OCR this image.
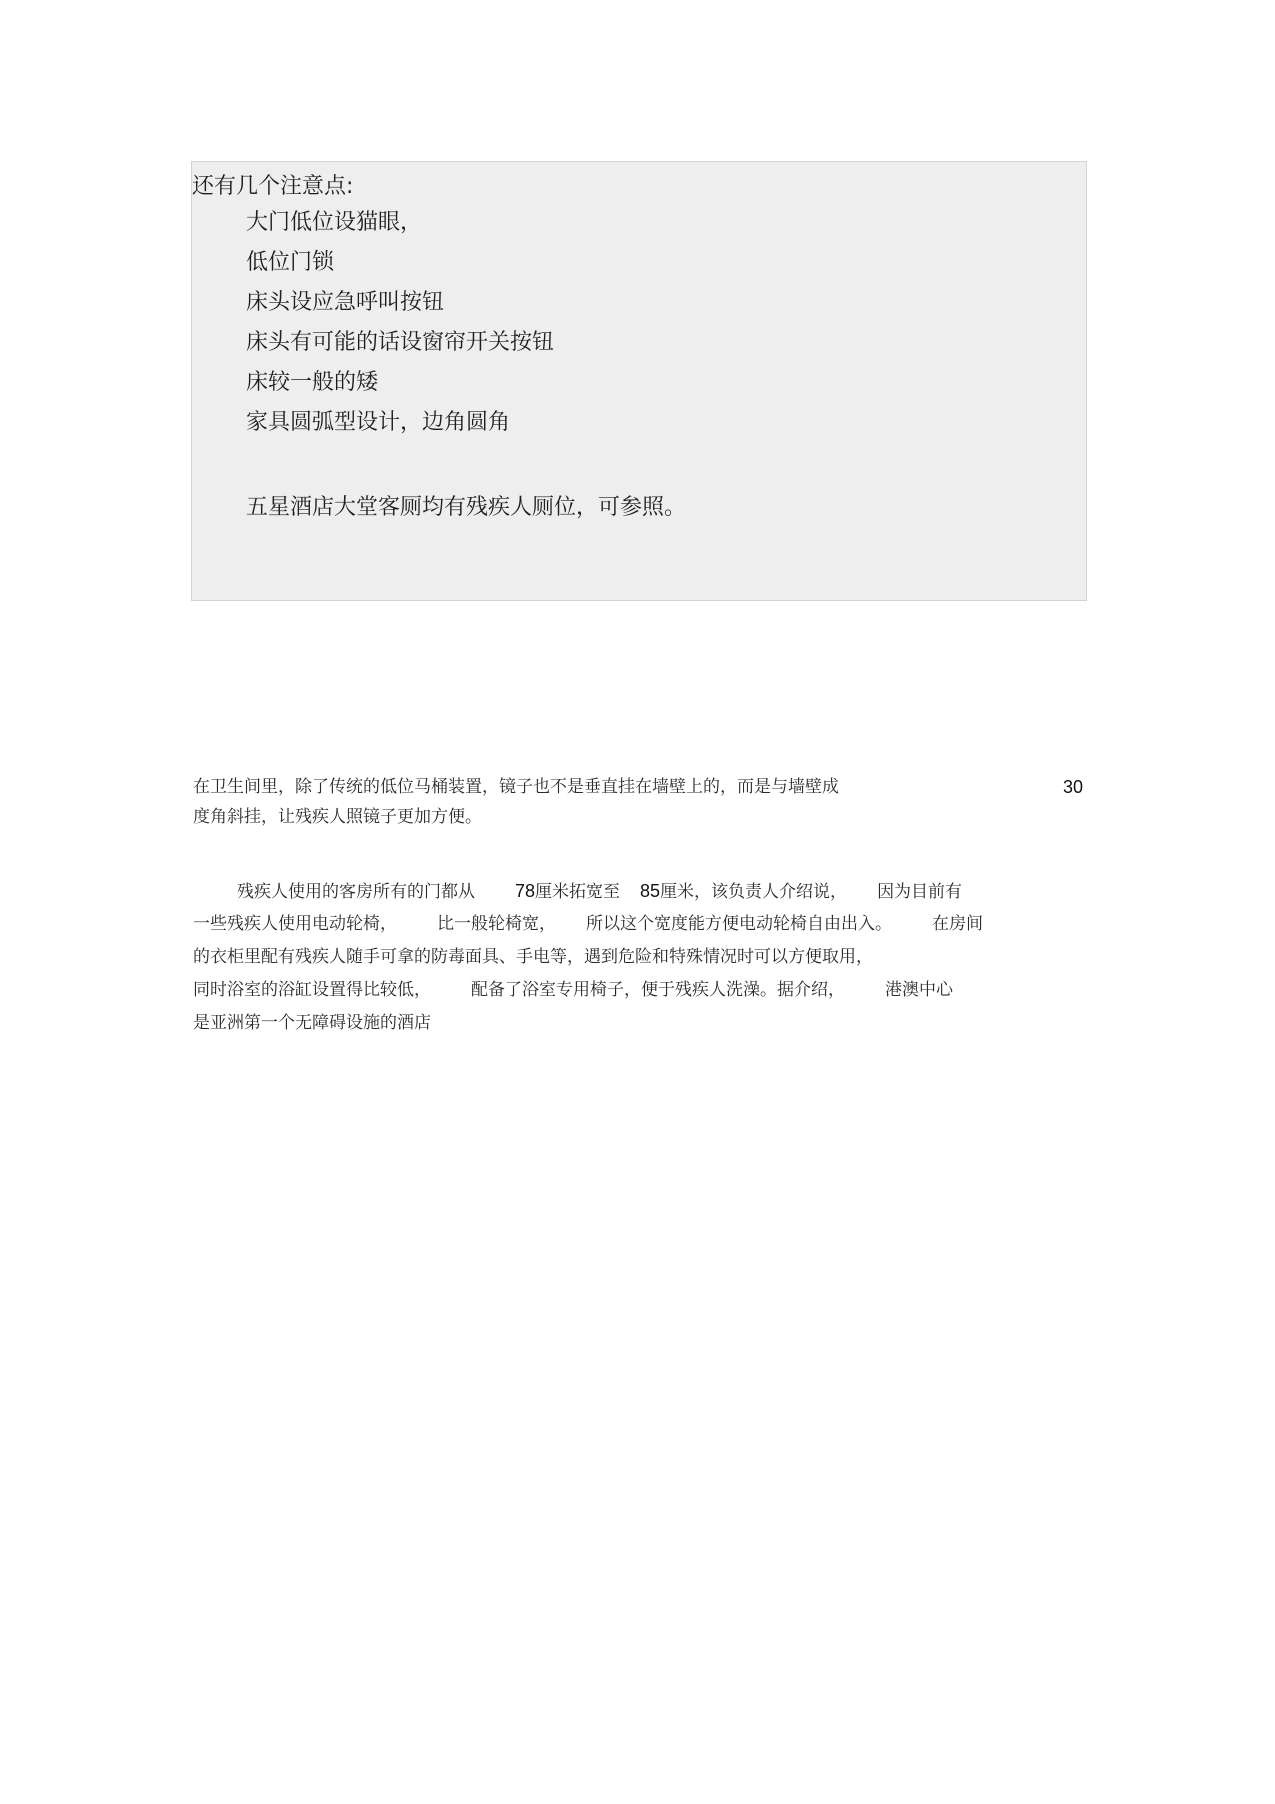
还有几个注意点:
大门低位设猫眼，
低位门锁
床头设应急呼叫按钮
床头有可能的话设窗帘开关按钮
床较一般的矮
家具圆弧型设计，边角圆角
五星酒店大堂客厕均有残疾人厕位，可参照。
在卫生间里，除了传统的低位马桶装置，镜子也不是垂直挂在墙壁上的，而是与墙壁成	30
度角斜挂，让残疾人照镜子更加方便。
残疾人使用的客房所有的门都从 78厘米拓宽至 85厘米，该负责人介绍说， 因为目前有
一些残疾人使用电动轮椅， 比一般轮椅宽， 所以这个宽度能方便电动轮椅自由出入。 在房间
的衣柜里配有残疾人随手可拿的防毒面具、手电等，遇到危险和特殊情况时可以方便取用，
同时浴室的浴缸设置得比较低， 配备了浴室专用椅子，便于残疾人洗澡。据介绍， 港澳中心
是亚洲第一个无障碍设施的酒店
